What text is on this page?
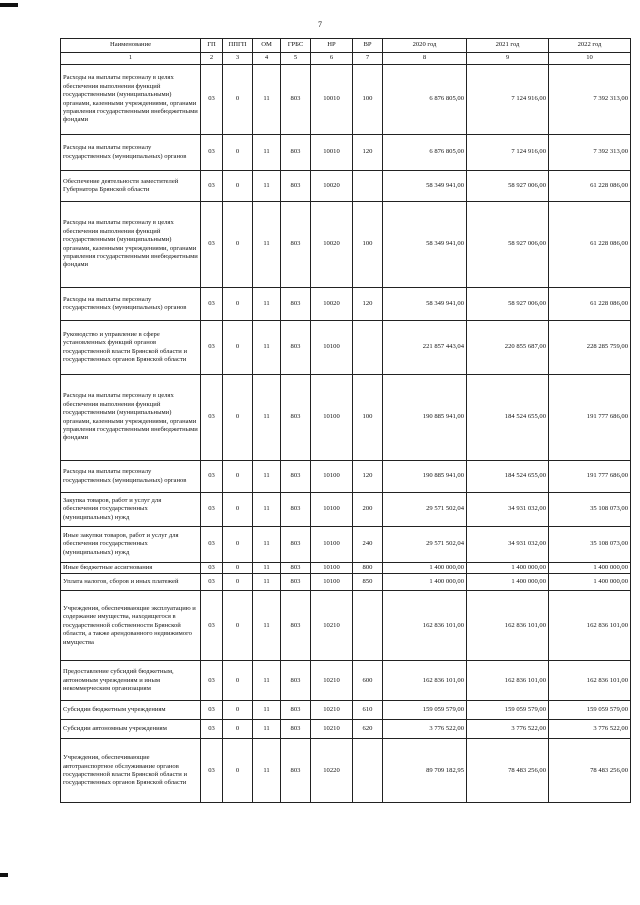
7
Наименование	ГП	ППГП	ОМ	ГРБС	НР	ВР	2020 год	2021 год	2022 год
1	2	3	4	5	6	7	8	9	10
Расходы на выплаты персоналу в целях обеспечения выполнения функций государственными (муниципальными) органами, казенными учреждениями, органами управления государственными внебюджетными фондами	03	0	11	803	10010	100	6 876 805,00	7 124 916,00	7 392 313,00
Расходы на выплаты персоналу государственных (муниципальных) органов	03	0	11	803	10010	120	6 876 805,00	7 124 916,00	7 392 313,00
Обеспечение деятельности заместителей Губернатора Брянской области	03	0	11	803	10020		58 349 941,00	58 927 006,00	61 228 086,00
Расходы на выплаты персоналу в целях обеспечения выполнения функций государственными (муниципальными) органами, казенными учреждениями, органами управления государственными внебюджетными фондами	03	0	11	803	10020	100	58 349 941,00	58 927 006,00	61 228 086,00
Расходы на выплаты персоналу государственных (муниципальных) органов	03	0	11	803	10020	120	58 349 941,00	58 927 006,00	61 228 086,00
Руководство и управление в сфере установленных функций органов государственной власти Брянской области и государственных органов Брянской области	03	0	11	803	10100		221 857 443,04	220 855 687,00	228 285 759,00
Расходы на выплаты персоналу в целях обеспечения выполнения функций государственными (муниципальными) органами, казенными учреждениями, органами управления государственными внебюджетными фондами	03	0	11	803	10100	100	190 885 941,00	184 524 655,00	191 777 686,00
Расходы на выплаты персоналу государственных (муниципальных) органов	03	0	11	803	10100	120	190 885 941,00	184 524 655,00	191 777 686,00
Закупка товаров, работ и услуг для обеспечения государственных (муниципальных) нужд	03	0	11	803	10100	200	29 571 502,04	34 931 032,00	35 108 073,00
Иные закупки товаров, работ и услуг для обеспечения государственных (муниципальных) нужд	03	0	11	803	10100	240	29 571 502,04	34 931 032,00	35 108 073,00
Иные бюджетные ассигнования	03	0	11	803	10100	800	1 400 000,00	1 400 000,00	1 400 000,00
Уплата налогов, сборов и иных платежей	03	0	11	803	10100	850	1 400 000,00	1 400 000,00	1 400 000,00
Учреждения, обеспечивающие эксплуатацию и содержание имущества, находящегося в государственной собственности Брянской области, а также арендованного недвижимого имущества	03	0	11	803	10210		162 836 101,00	162 836 101,00	162 836 101,00
Предоставление субсидий бюджетным, автономным учреждениям и иным некоммерческим организациям	03	0	11	803	10210	600	162 836 101,00	162 836 101,00	162 836 101,00
Субсидии бюджетным учреждениям	03	0	11	803	10210	610	159 059 579,00	159 059 579,00	159 059 579,00
Субсидии автономным учреждениям	03	0	11	803	10210	620	3 776 522,00	3 776 522,00	3 776 522,00
Учреждения, обеспечивающие автотранспортное обслуживание органов государственной власти Брянской области и государственных органов Брянской области	03	0	11	803	10220		89 709 182,95	78 483 256,00	78 483 256,00
